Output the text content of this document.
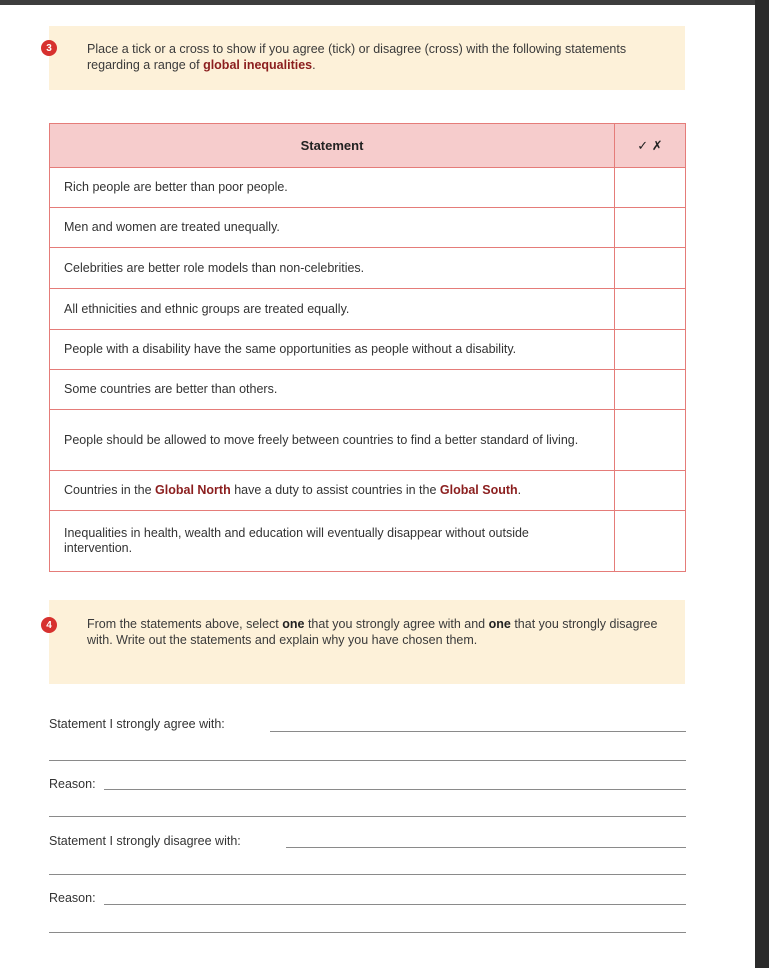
3	Place a tick or a cross to show if you agree (tick) or disagree (cross) with the following statements regarding a range of global inequalities.
Statement	✓ ✗
Rich people are better than poor people.	
Men and women are treated unequally.	
Celebrities are better role models than non-celebrities.	
All ethnicities and ethnic groups are treated equally.	
People with a disability have the same opportunities as people without a disability.	
Some countries are better than others.	
People should be allowed to move freely between countries to find a better standard of living.	
Countries in the Global North have a duty to assist countries in the Global South.	
Inequalities in health, wealth and education will eventually disappear without outside intervention.	
4	From the statements above, select one that you strongly agree with and one that you strongly disagree with. Write out the statements and explain why you have chosen them.
Statement I strongly agree with:
Reason:
Statement I strongly disagree with:
Reason:
